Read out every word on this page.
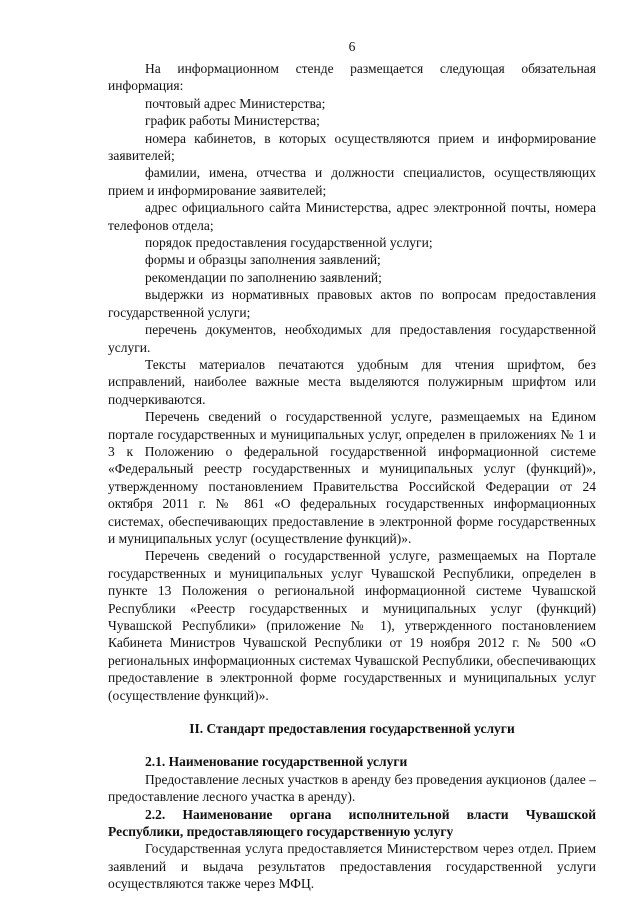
6

На информационном стенде размещается следующая обязательная информация:

почтовый адрес Министерства;

график работы Министерства;

номера кабинетов, в которых осуществляются прием и информирование заявителей;

фамилии, имена, отчества и должности специалистов, осуществляющих прием и информирование заявителей;

адрес официального сайта Министерства, адрес электронной почты, номера телефонов отдела;

порядок предоставления государственной услуги;

формы и образцы заполнения заявлений;

рекомендации по заполнению заявлений;

выдержки из нормативных правовых актов по вопросам предоставления государственной услуги;

перечень документов, необходимых для предоставления государственной услуги.

Тексты материалов печатаются удобным для чтения шрифтом, без исправлений, наиболее важные места выделяются полужирным шрифтом или подчеркиваются.

Перечень сведений о государственной услуге, размещаемых на Едином портале государственных и муниципальных услуг, определен в приложениях № 1 и 3 к Положению о федеральной государственной информационной системе «Федеральный реестр государственных и муниципальных услуг (функций)», утвержденному постановлением Правительства Российской Федерации от 24 октября 2011 г. № 861 «О федеральных государственных информационных системах, обеспечивающих предоставление в электронной форме государственных и муниципальных услуг (осуществление функций)».

Перечень сведений о государственной услуге, размещаемых на Портале государственных и муниципальных услуг Чувашской Республики, определен в пункте 13 Положения о региональной информационной системе Чувашской Республики «Реестр государственных и муниципальных услуг (функций) Чувашской Республики» (приложение № 1), утвержденного постановлением Кабинета Министров Чувашской Республики от 19 ноября 2012 г. № 500 «О региональных информационных системах Чувашской Республики, обеспечивающих предоставление в электронной форме государственных и муниципальных услуг (осуществление функций)».

II. Стандарт предоставления государственной услуги

2.1. Наименование государственной услуги

Предоставление лесных участков в аренду без проведения аукционов (далее – предоставление лесного участка в аренду).

2.2. Наименование органа исполнительной власти Чувашской Республики, предоставляющего государственную услугу

Государственная услуга предоставляется Министерством через отдел. Прием заявлений и выдача результатов предоставления государственной услуги осуществляются также через МФЦ.
